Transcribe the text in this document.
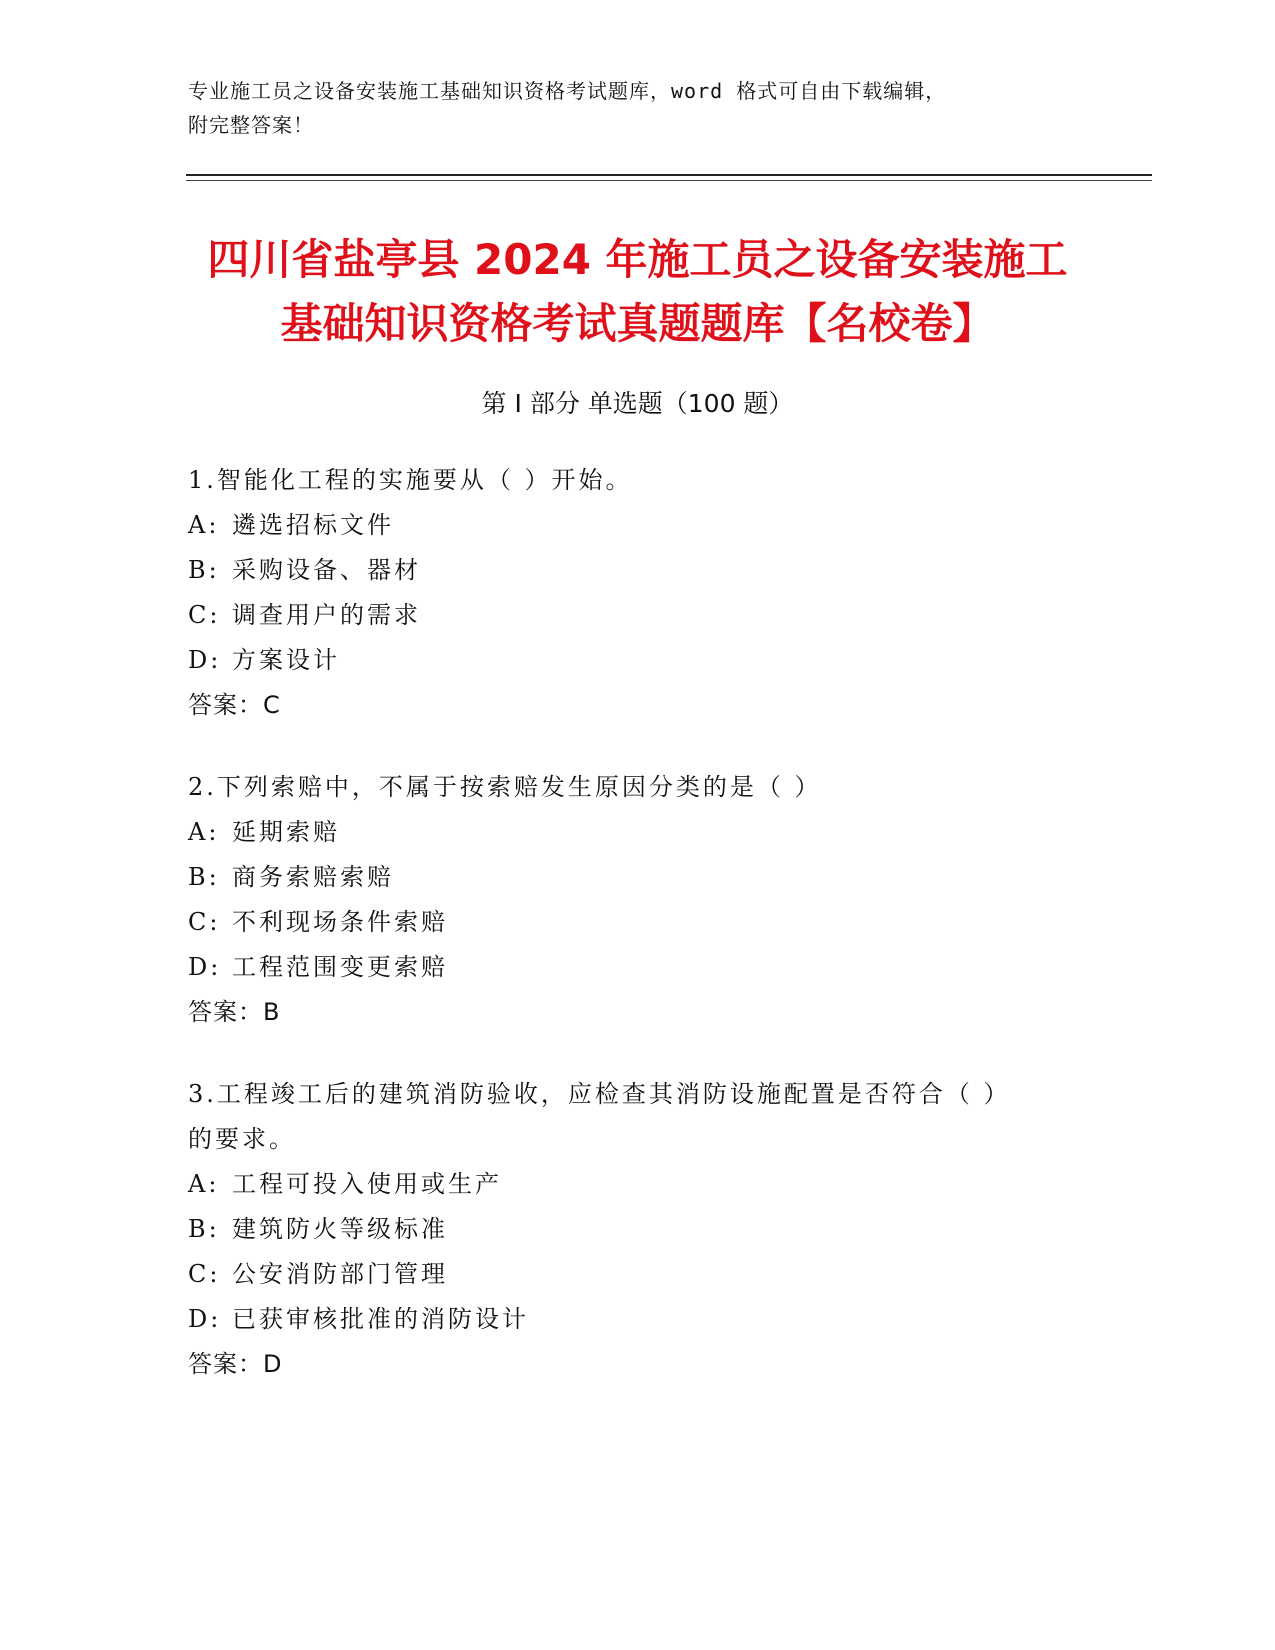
专业施工员之设备安装施工基础知识资格考试题库，word 格式可自由下载编辑，
附完整答案！
四川省盐亭县 2024 年施工员之设备安装施工
基础知识资格考试真题题库【名校卷】
第 I 部分 单选题（100 题）

1.智能化工程的实施要从（ ）开始。

A: 遴选招标文件

B: 采购设备、器材

C: 调查用户的需求

D: 方案设计

答案：C

2.下列索赔中，不属于按索赔发生原因分类的是（ ）

A: 延期索赔

B: 商务索赔索赔

C: 不利现场条件索赔

D: 工程范围变更索赔

答案：B

3.工程竣工后的建筑消防验收，应检查其消防设施配置是否符合（ ）

的要求。

A: 工程可投入使用或生产

B: 建筑防火等级标准

C: 公安消防部门管理

D: 已获审核批准的消防设计

答案：D
